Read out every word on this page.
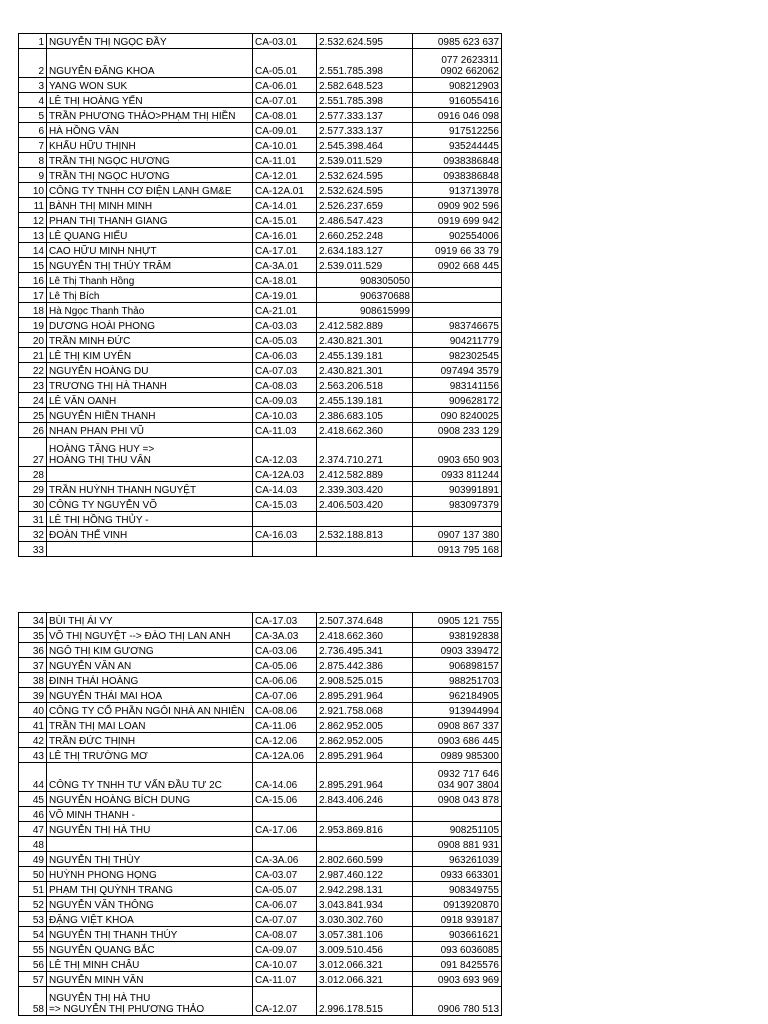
1	NGUYỄN THỊ NGỌC ĐẦY	CA-03.01	2.532.624.595	0985 623 637

2	NGUYỄN ĐĂNG KHOA	CA-05.01	2.551.785.398	077 2623311
0902 662062

3	YANG WON SUK	CA-06.01	2.582.648.523	908212903

4	LÊ THỊ HOÀNG YẾN	CA-07.01	2.551.785.398	916055416

5	TRẦN PHƯƠNG THẢO>PHẠM THỊ HIỀN	CA-08.01	2.577.333.137	0916 046 098

6	HÀ HỒNG VÂN	CA-09.01	2.577.333.137	917512256

7	KHẤU HỮU THỊNH	CA-10.01	2.545.398.464	935244445

8	TRẦN THỊ NGỌC HƯƠNG	CA-11.01	2.539.011.529	0938386848

9	TRẦN THỊ NGỌC HƯƠNG	CA-12.01	2.532.624.595	0938386848

10	CÔNG TY TNHH CƠ ĐIỆN LẠNH GM&E	CA-12A.01	2.532.624.595	913713978

11	BÀNH THỊ MINH MINH	CA-14.01	2.526.237.659	0909 902 596

12	PHAN THỊ THANH GIANG	CA-15.01	2.486.547.423	0919 699 942

13	LÊ QUANG HIẾU	CA-16.01	2.660.252.248	902554006

14	CAO HỮU MINH NHỰT	CA-17.01	2.634.183.127	0919 66 33 79

15	NGUYỄN THỊ THÚY TRÂM	CA-3A.01	2.539.011.529	0902 668 445

16	Lê Thị Thanh Hồng	CA-18.01	908305050	

17	Lê Thị Bích	CA-19.01	906370688	

18	Hà Ngọc Thanh Thảo	CA-21.01	908615999	

19	DƯƠNG HOÀI PHONG	CA-03.03	2.412.582.889	983746675

20	TRẦN MINH ĐỨC	CA-05.03	2.430.821.301	904211779

21	LÊ THỊ KIM UYÊN	CA-06.03	2.455.139.181	982302545

22	NGUYỄN HOÀNG DU	CA-07.03	2.430.821.301	097494 3579

23	TRƯƠNG THỊ HÀ THANH	CA-08.03	2.563.206.518	983141156

24	LÊ VĂN OANH	CA-09.03	2.455.139.181	909628172

25	NGUYỄN HIỀN THANH	CA-10.03	2.386.683.105	090 8240025

26	NHAN PHAN PHI VŨ	CA-11.03	2.418.662.360	0908 233 129

27	HOÀNG TĂNG HUY =>
HOÀNG THỊ THU VÂN	CA-12.03	2.374.710.271	0903 650 903

28		CA-12A.03	2.412.582.889	0933 811244

29	TRẦN HUỲNH THANH NGUYỆT	CA-14.03	2.339.303.420	903991891

30	CÔNG TY NGUYỄN VÕ	CA-15.03	2.406.503.420	983097379

31	LÊ THỊ HỒNG THỦY -			

32	ĐOÀN THẾ VINH	CA-16.03	2.532.188.813	0907 137 380

33				0913 795 168
34	BÙI THỊ ÁI VY	CA-17.03	2.507.374.648	0905 121 755

35	VÕ THỊ NGUYỆT --> ĐÀO THỊ LAN ANH	CA-3A.03	2.418.662.360	938192838

36	NGÔ THỊ KIM GƯƠNG	CA-03.06	2.736.495.341	0903 339472

37	NGUYỄN VĂN AN	CA-05.06	2.875.442.386	906898157

38	ĐINH THÁI HOÀNG	CA-06.06	2.908.525.015	988251703

39	NGUYỄN THÁI MAI HOA	CA-07.06	2.895.291.964	962184905

40	CÔNG TY CỔ PHẦN NGÔI NHÀ AN NHIÊN	CA-08.06	2.921.758.068	913944994

41	TRẦN THỊ MAI LOAN	CA-11.06	2.862.952.005	0908 867 337

42	TRẦN ĐỨC THỊNH	CA-12.06	2.862.952.005	0903 686 445

43	LÊ THỊ TRƯỜNG MƠ	CA-12A.06	2.895.291.964	0989 985300

44	CÔNG TY TNHH TƯ VẤN ĐẦU TƯ 2C	CA-14.06	2.895.291.964	0932 717 646
034 907 3804

45	NGUYỄN HOÀNG BÍCH DUNG	CA-15.06	2.843.406.246	0908 043 878

46	VÕ MINH THANH -			

47	NGUYỄN THỊ HÀ THU	CA-17.06	2.953.869.816	908251105

48				0908 881 931

49	NGUYỄN THỊ THÙY	CA-3A.06	2.802.660.599	963261039

50	HUỲNH PHONG HỌNG	CA-03.07	2.987.460.122	0933 663301

51	PHẠM THỊ QUỲNH TRANG	CA-05.07	2.942.298.131	908349755

52	NGUYỄN VĂN THÔNG	CA-06.07	3.043.841.934	0913920870

53	ĐẶNG VIỆT KHOA	CA-07.07	3.030.302.760	0918 939187

54	NGUYỄN THỊ THANH THÚY	CA-08.07	3.057.381.106	903661621

55	NGUYỄN QUANG BẮC	CA-09.07	3.009.510.456	093 6036085

56	LÊ THỊ MINH CHÂU	CA-10.07	3.012.066.321	091 8425576

57	NGUYỄN MINH VĂN	CA-11.07	3.012.066.321	0903 693 969

58	NGUYỄN THỊ HÀ THU
=> NGUYỄN THỊ PHƯƠNG THẢO	CA-12.07	2.996.178.515	0906 780 513
